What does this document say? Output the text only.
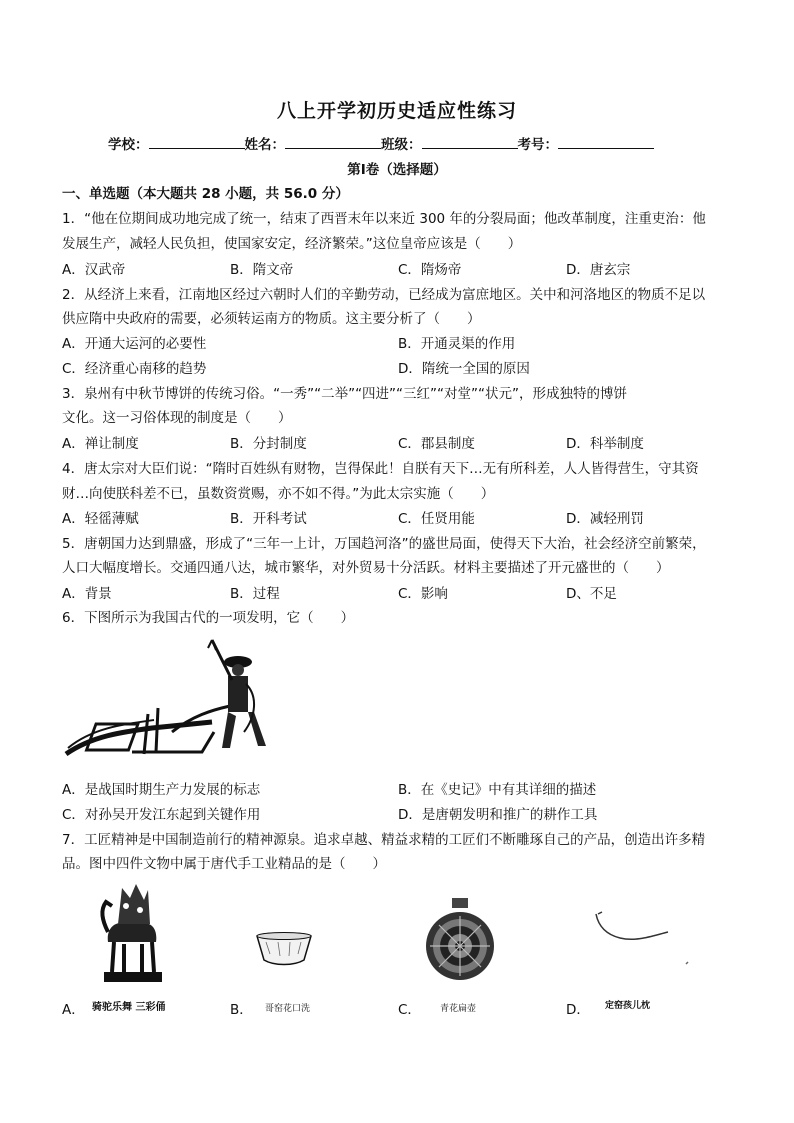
八上开学初历史适应性练习
学校：	姓名：	班级：	考号：
第Ⅰ卷（选择题）
一、单选题（本大题共 28 小题，共 56.0 分）
1．“他在位期间成功地完成了统一，结束了西晋末年以来近 300 年的分裂局面；他改革制度，注重吏治：他
发展生产，减轻人民负担，使国家安定，经济繁荣。”这位皇帝应该是（　　）
A．汉武帝	B．隋文帝	C．隋炀帝	D．唐玄宗
2．从经济上来看，江南地区经过六朝时人们的辛勤劳动，已经成为富庶地区。关中和河洛地区的物质不足以
供应隋中央政府的需要，必须转运南方的物质。这主要分析了（　　）
A．开通大运河的必要性	B．开通灵渠的作用
C．经济重心南移的趋势	D．隋统一全国的原因
3．泉州有中秋节博饼的传统习俗。“一秀”“二举”“四进”“三红”“对堂”“状元”，形成独特的博饼
文化。这一习俗体现的制度是（　　）
A．禅让制度	B．分封制度	C．郡县制度	D．科举制度
4．唐太宗对大臣们说：“隋时百姓纵有财物，岂得保此！自朕有天下…无有所科差，人人皆得营生，守其资
财…向使朕科差不已，虽数资赏赐，亦不如不得。”为此太宗实施（　　）
A．轻徭薄赋	B．开科考试	C．任贤用能	D．减轻刑罚
5．唐朝国力达到鼎盛，形成了“三年一上计，万国趋河洛”的盛世局面，使得天下大治，社会经济空前繁荣，
人口大幅度增长。交通四通八达，城市繁华，对外贸易十分活跃。材料主要描述了开元盛世的（　　）
A．背景	B．过程	C．影响	D、不足
6．下图所示为我国古代的一项发明，它（　　）
A．是战国时期生产力发展的标志	B．在《史记》中有其详细的描述
C．对孙吴开发江东起到关键作用	D．是唐朝发明和推广的耕作工具
7．工匠精神是中国制造前行的精神源泉。追求卓越、精益求精的工匠们不断雕琢自己的产品，创造出许多精
品。图中四件文物中属于唐代手工业精品的是（　　）
A． 骑驼乐舞 三彩俑	B． 哥窑花口洗	C． 青花扁壶	D． 定窑孩儿枕
